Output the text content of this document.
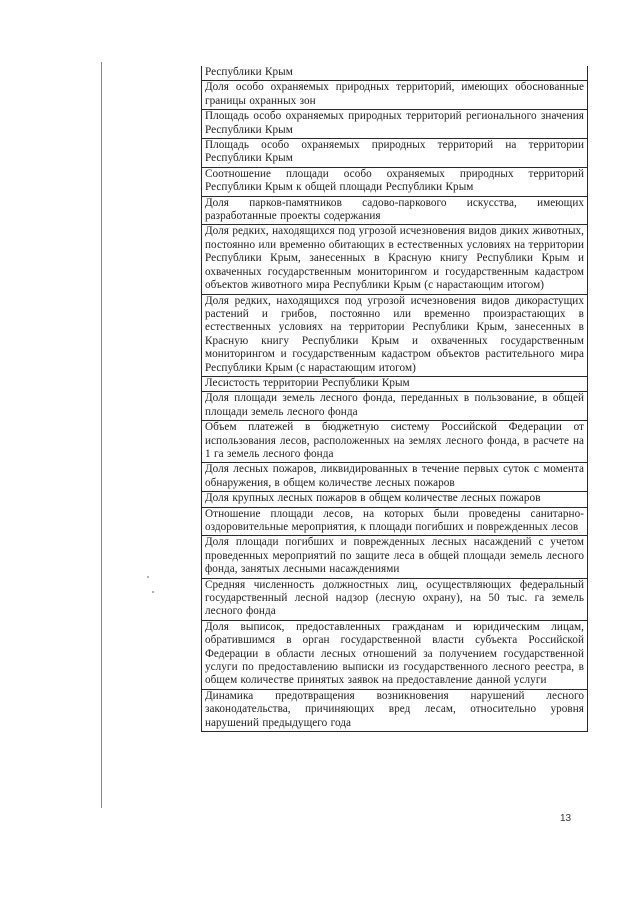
Республики Крым
Доля особо охраняемых природных территорий, имеющих обоснованные границы охранных зон
Площадь особо охраняемых природных территорий регионального значения Республики Крым
Площадь особо охраняемых природных территорий на территории Республики Крым
Соотношение площади особо охраняемых природных территорий Республики Крым к общей площади Республики Крым
Доля парков-памятников садово-паркового искусства, имеющих разработанные проекты содержания
Доля редких, находящихся под угрозой исчезновения видов диких животных, постоянно или временно обитающих в естественных условиях на территории Республики Крым, занесенных в Красную книгу Республики Крым и охваченных государственным мониторингом и государственным кадастром объектов животного мира Республики Крым (с нарастающим итогом)
Доля редких, находящихся под угрозой исчезновения видов дикорастущих растений и грибов, постоянно или временно произрастающих в естественных условиях на территории Республики Крым, занесенных в Красную книгу Республики Крым и охваченных государственным мониторингом и государственным кадастром объектов растительного мира Республики Крым (с нарастающим итогом)
Лесистость территории Республики Крым
Доля площади земель лесного фонда, переданных в пользование, в общей площади земель лесного фонда
Объем платежей в бюджетную систему Российской Федерации от использования лесов, расположенных на землях лесного фонда, в расчете на 1 га земель лесного фонда
Доля лесных пожаров, ликвидированных в течение первых суток с момента обнаружения, в общем количестве лесных пожаров
Доля крупных лесных пожаров в общем количестве лесных пожаров
Отношение площади лесов, на которых были проведены санитарно-оздоровительные мероприятия, к площади погибших и поврежденных лесов
Доля площади погибших и поврежденных лесных насаждений с учетом проведенных мероприятий по защите леса в общей площади земель лесного фонда, занятых лесными насаждениями
Средняя численность должностных лиц, осуществляющих федеральный государственный лесной надзор (лесную охрану), на 50 тыс. га земель лесного фонда
Доля выписок, предоставленных гражданам и юридическим лицам, обратившимся в орган государственной власти субъекта Российской Федерации в области лесных отношений за получением государственной услуги по предоставлению выписки из государственного лесного реестра, в общем количестве принятых заявок на предоставление данной услуги
Динамика предотвращения возникновения нарушений лесного законодательства, причиняющих вред лесам, относительно уровня нарушений предыдущего года
13
